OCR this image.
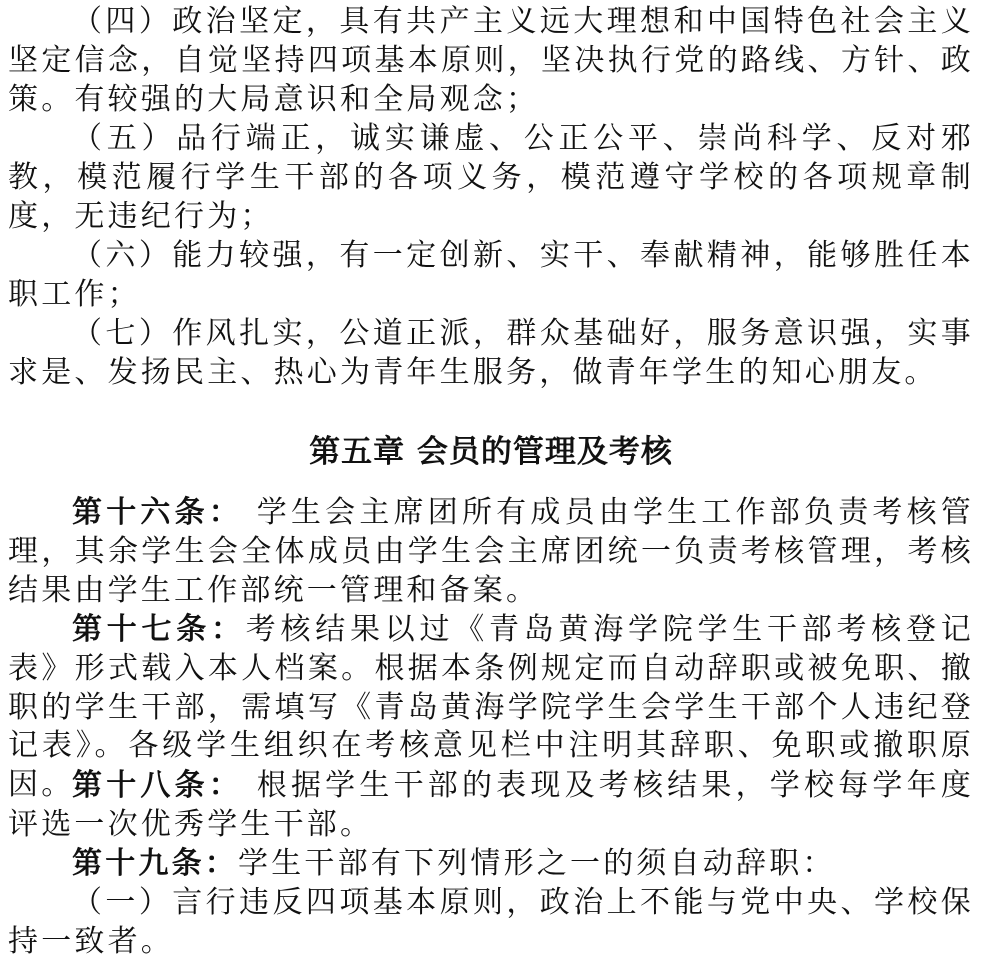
（四）政治坚定，具有共产主义远大理想和中国特色社会主义坚定信念，自觉坚持四项基本原则，坚决执行党的路线、方针、政策。有较强的大局意识和全局观念；

（五）品行端正，诚实谦虚、公正公平、崇尚科学、反对邪教，模范履行学生干部的各项义务，模范遵守学校的各项规章制度，无违纪行为；

（六）能力较强，有一定创新、实干、奉献精神，能够胜任本职工作；

（七）作风扎实，公道正派，群众基础好，服务意识强，实事求是、发扬民主、热心为青年生服务，做青年学生的知心朋友。

第五章 会员的管理及考核

第十六条： 学生会主席团所有成员由学生工作部负责考核管理，其余学生会全体成员由学生会主席团统一负责考核管理，考核结果由学生工作部统一管理和备案。

第十七条：考核结果以过《青岛黄海学院学生干部考核登记表》形式载入本人档案。根据本条例规定而自动辞职或被免职、撤职的学生干部，需填写《青岛黄海学院学生会学生干部个人违纪登记表》。各级学生组织在考核意见栏中注明其辞职、免职或撤职原因。

第十八条： 根据学生干部的表现及考核结果，学校每学年度评选一次优秀学生干部。

第十九条：学生干部有下列情形之一的须自动辞职：

（一）言行违反四项基本原则，政治上不能与党中央、学校保持一致者。
